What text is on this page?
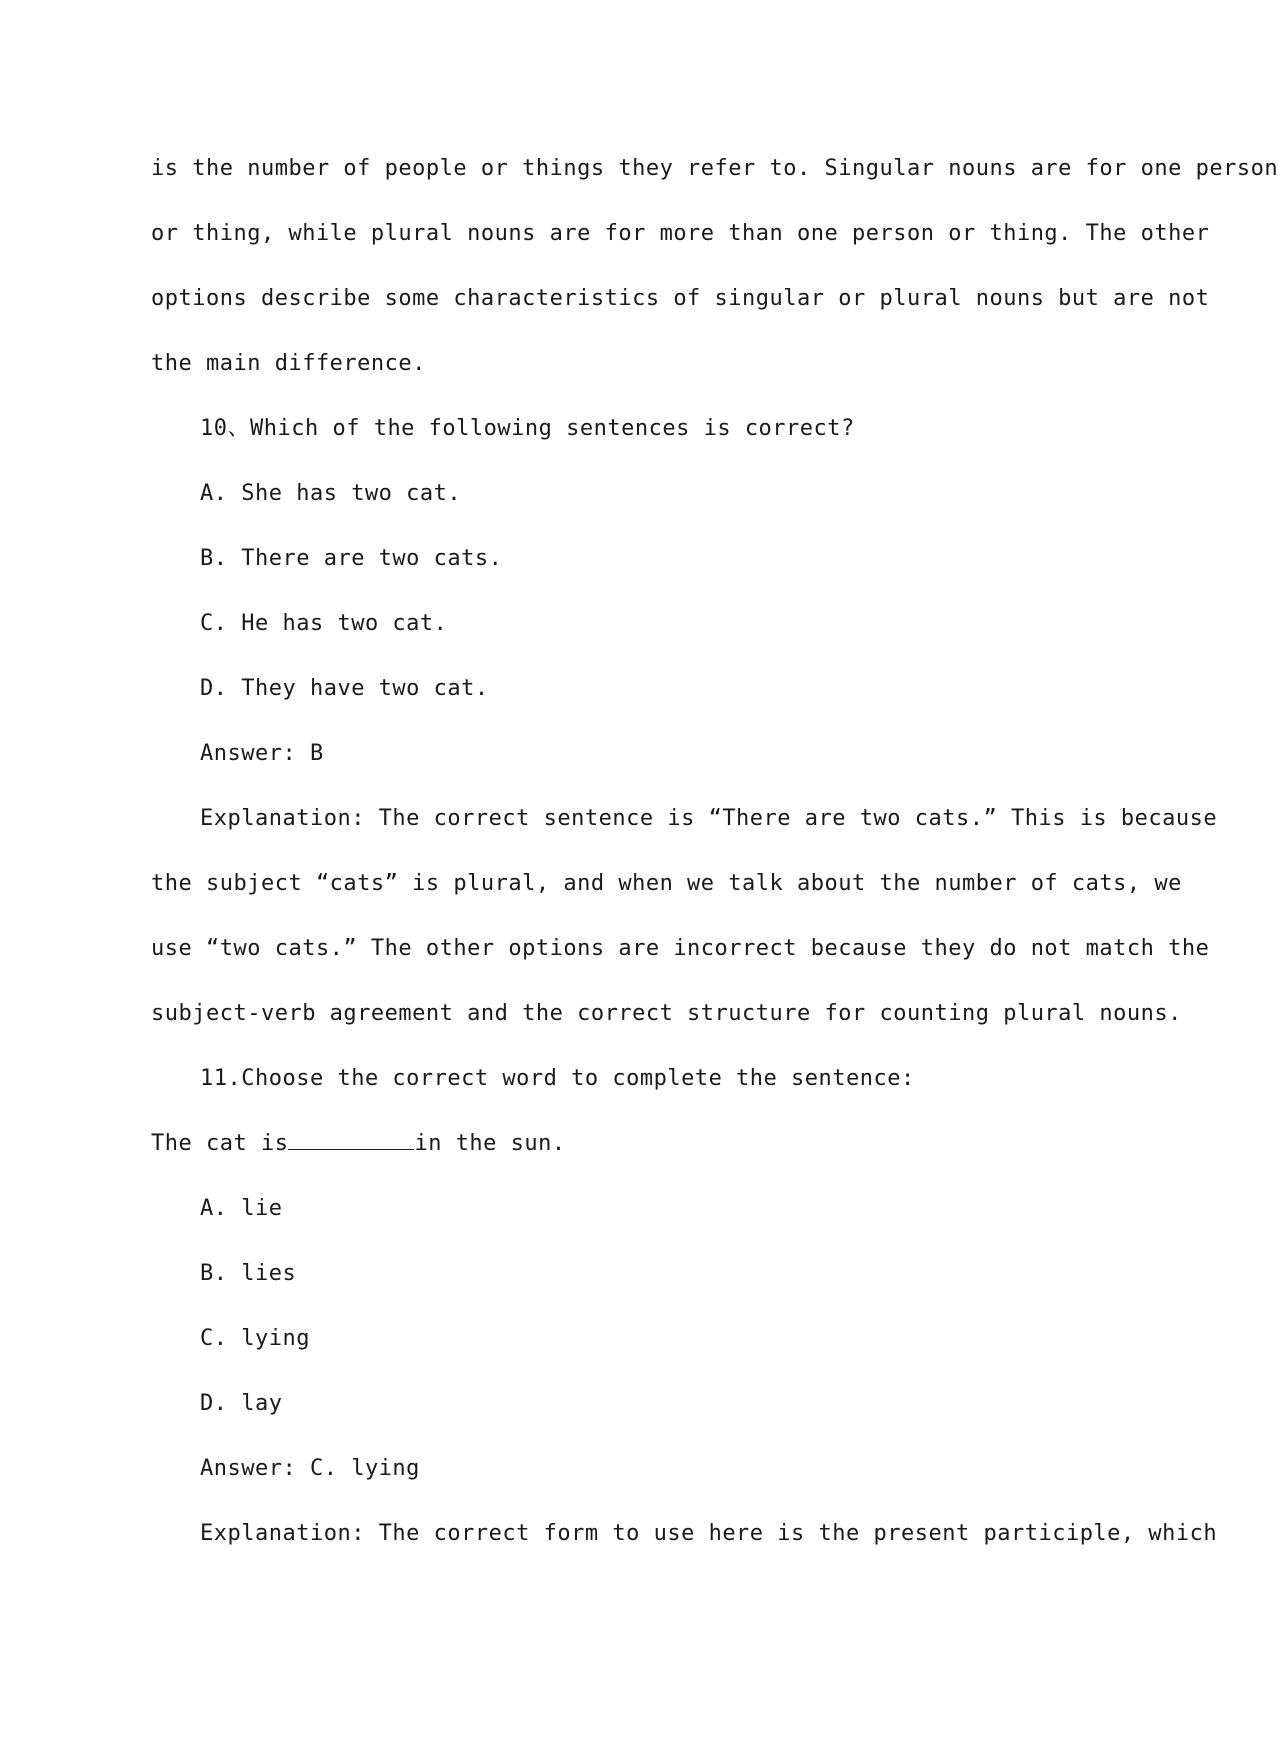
is the number of people or things they refer to. Singular nouns are for one person

or thing, while plural nouns are for more than one person or thing. The other

options describe some characteristics of singular or plural nouns but are not

the main difference.

10、Which of the following sentences is correct?

A. She has two cat.

B. There are two cats.

C. He has two cat.

D. They have two cat.

Answer: B

Explanation: The correct sentence is “There are two cats.” This is because

the subject “cats” is plural, and when we talk about the number of cats, we

use “two cats.” The other options are incorrect because they do not match the

subject-verb agreement and the correct structure for counting plural nouns.

11.Choose the correct word to complete the sentence:

The cat is	in the sun.

A. lie

B. lies

C. lying

D. lay

Answer: C. lying

Explanation: The correct form to use here is the present participle, which
